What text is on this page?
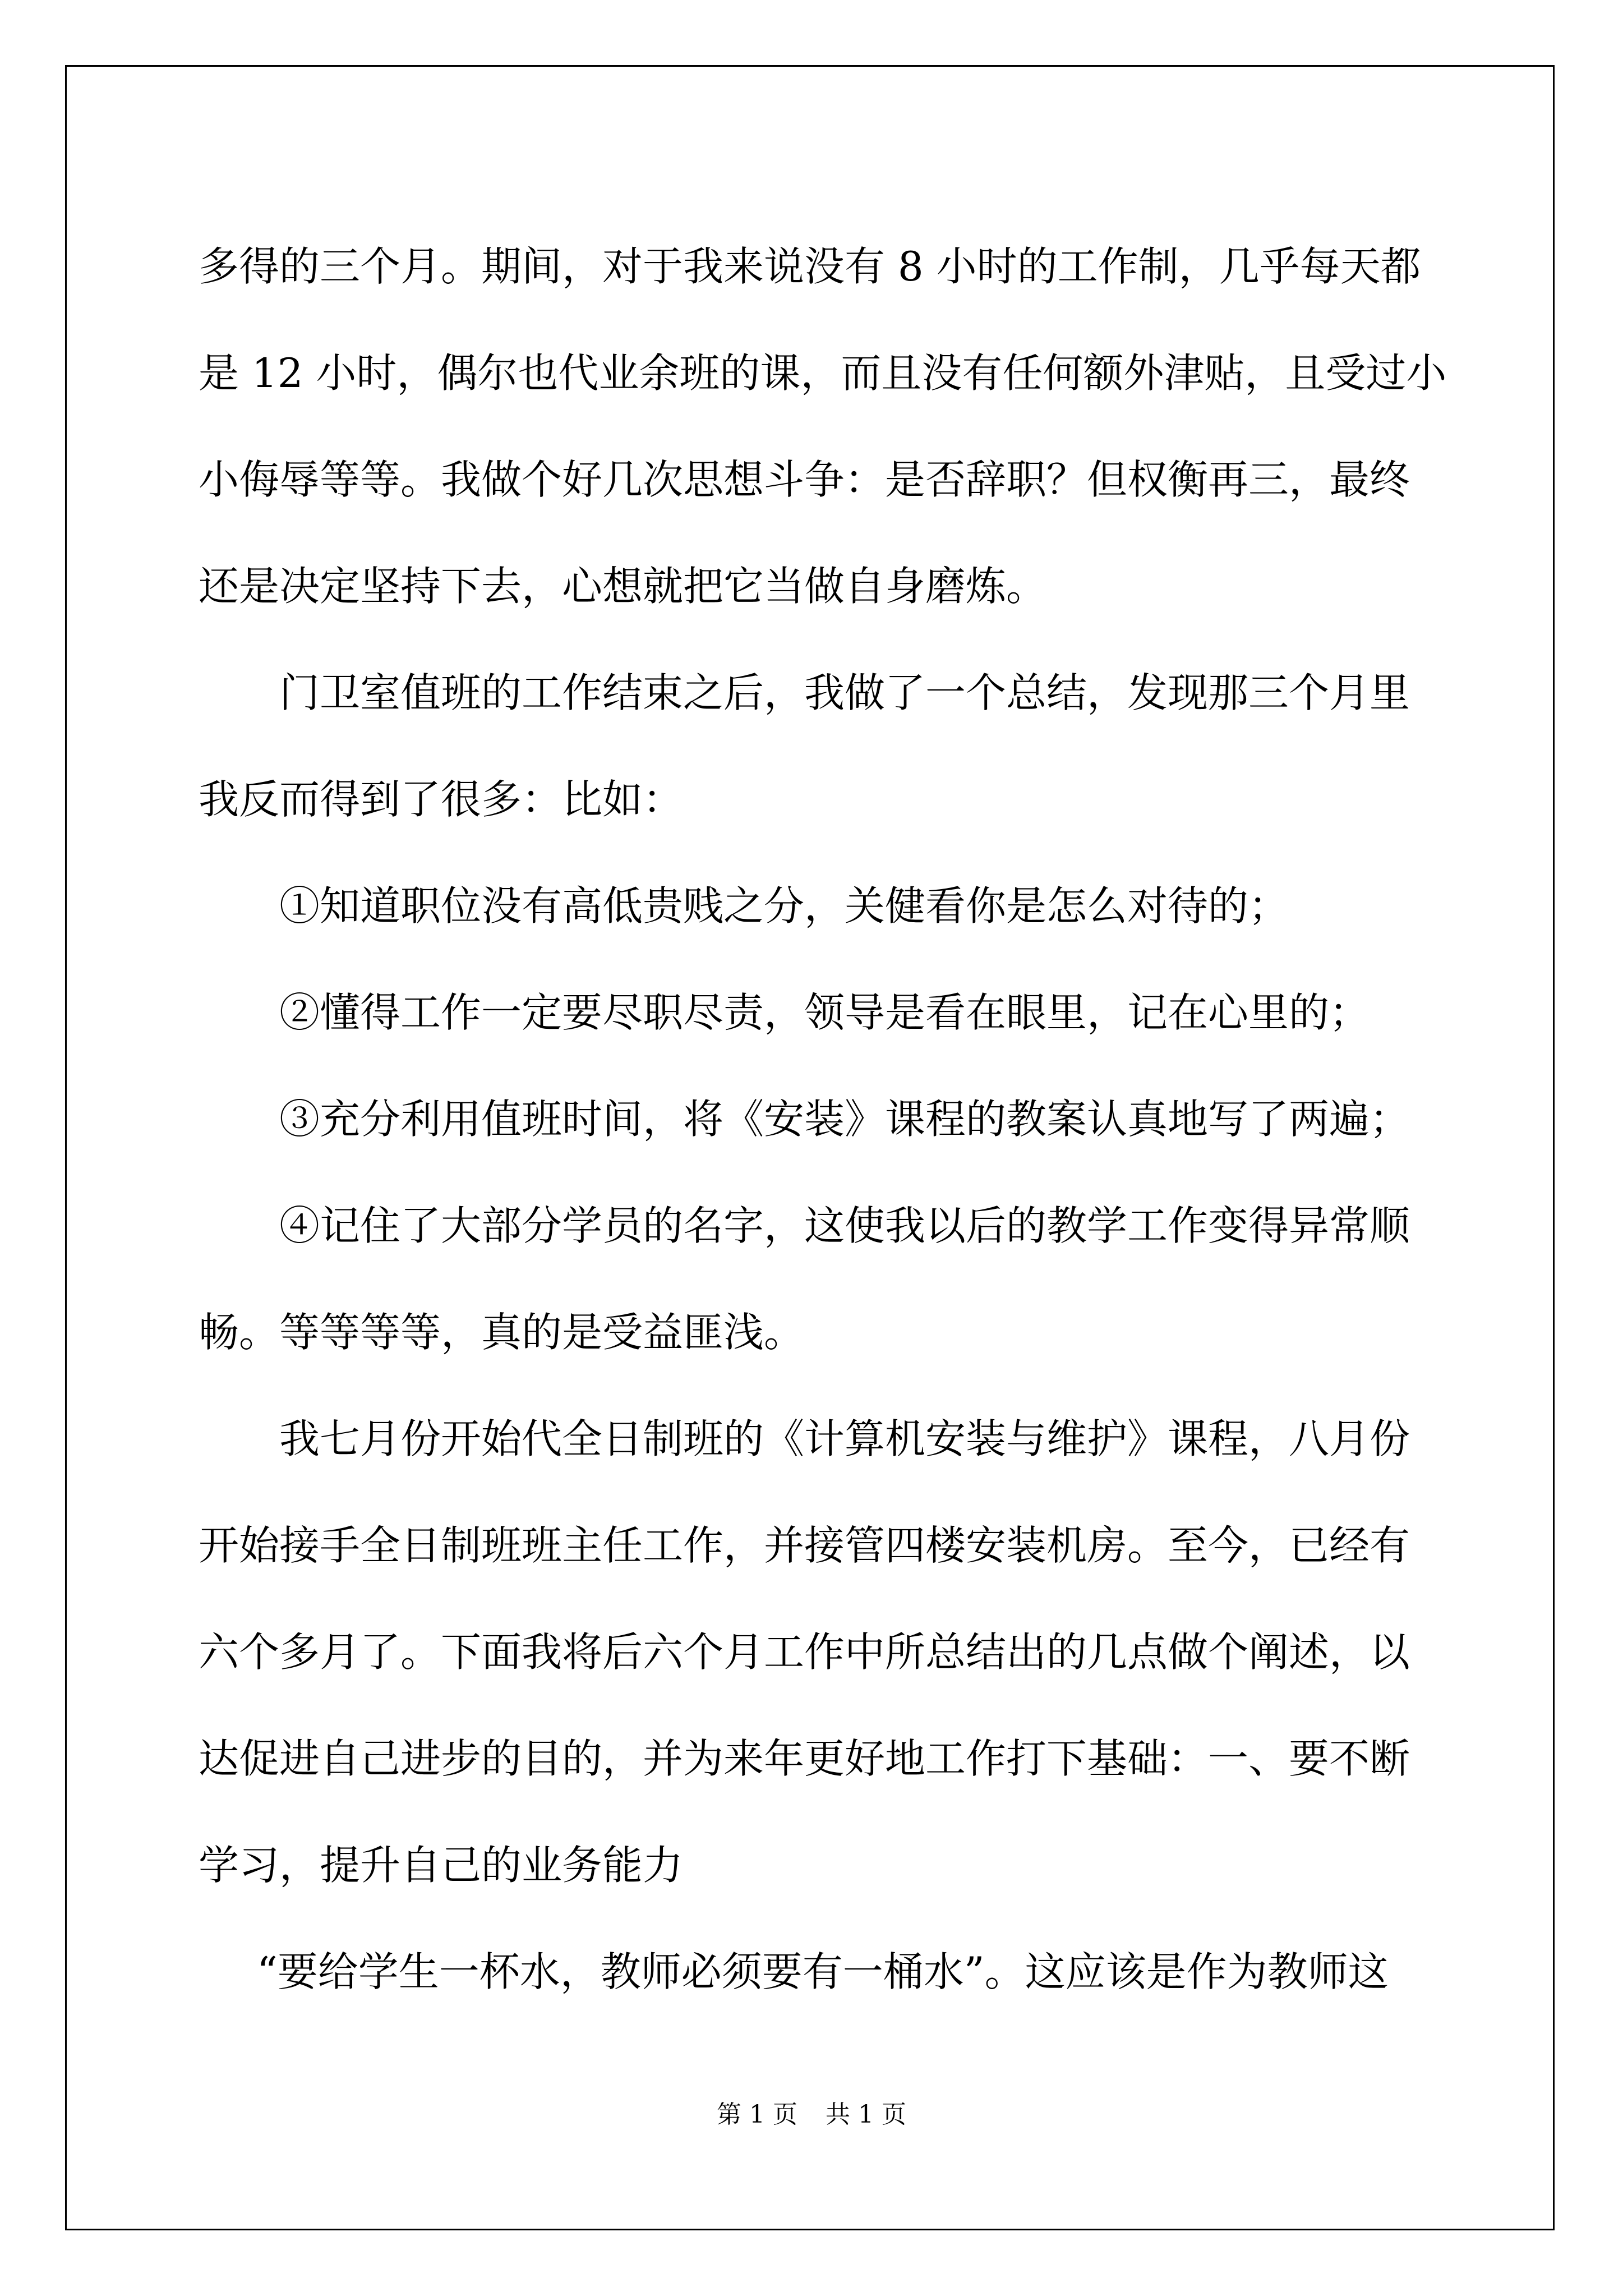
多得的三个月。期间，对于我来说没有 8 小时的工作制，几乎每天都
是 12 小时，偶尔也代业余班的课，而且没有任何额外津贴，且受过小
小侮辱等等。我做个好几次思想斗争：是否辞职？但权衡再三，最终
还是决定坚持下去，心想就把它当做自身磨炼。
门卫室值班的工作结束之后，我做了一个总结，发现那三个月里
我反而得到了很多：比如：
①知道职位没有高低贵贱之分，关健看你是怎么对待的；
②懂得工作一定要尽职尽责，领导是看在眼里，记在心里的；
③充分利用值班时间，将《安装》课程的教案认真地写了两遍；
④记住了大部分学员的名字，这使我以后的教学工作变得异常顺
畅。等等等等，真的是受益匪浅。
我七月份开始代全日制班的《计算机安装与维护》课程，八月份
开始接手全日制班班主任工作，并接管四楼安装机房。至今，已经有
六个多月了。下面我将后六个月工作中所总结出的几点做个阐述，以
达促进自己进步的目的，并为来年更好地工作打下基础：一、要不断
学习，提升自己的业务能力
“要给学生一杯水，教师必须要有一桶水”。这应该是作为教师这
第 1 页 共 1 页
